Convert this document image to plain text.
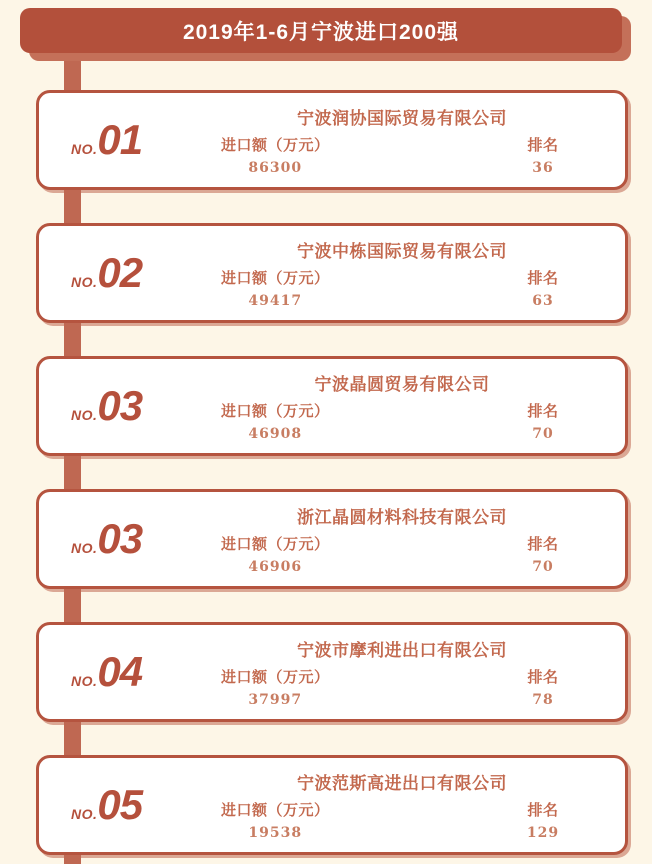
2019年1-6月宁波进口200强
NO. 01	宁波润协国际贸易有限公司
进口额（万元）
86300
排名
36
NO. 02	宁波中栋国际贸易有限公司
进口额（万元）
49417
排名
63
NO. 03	宁波晶圆贸易有限公司
进口额（万元）
46908
排名
70
NO. 03	浙江晶圆材料科技有限公司
进口额（万元）
46906
排名
70
NO. 04	宁波市摩利进出口有限公司
进口额（万元）
37997
排名
78
NO. 05	宁波范斯高进出口有限公司
进口额（万元）
19538
排名
129
